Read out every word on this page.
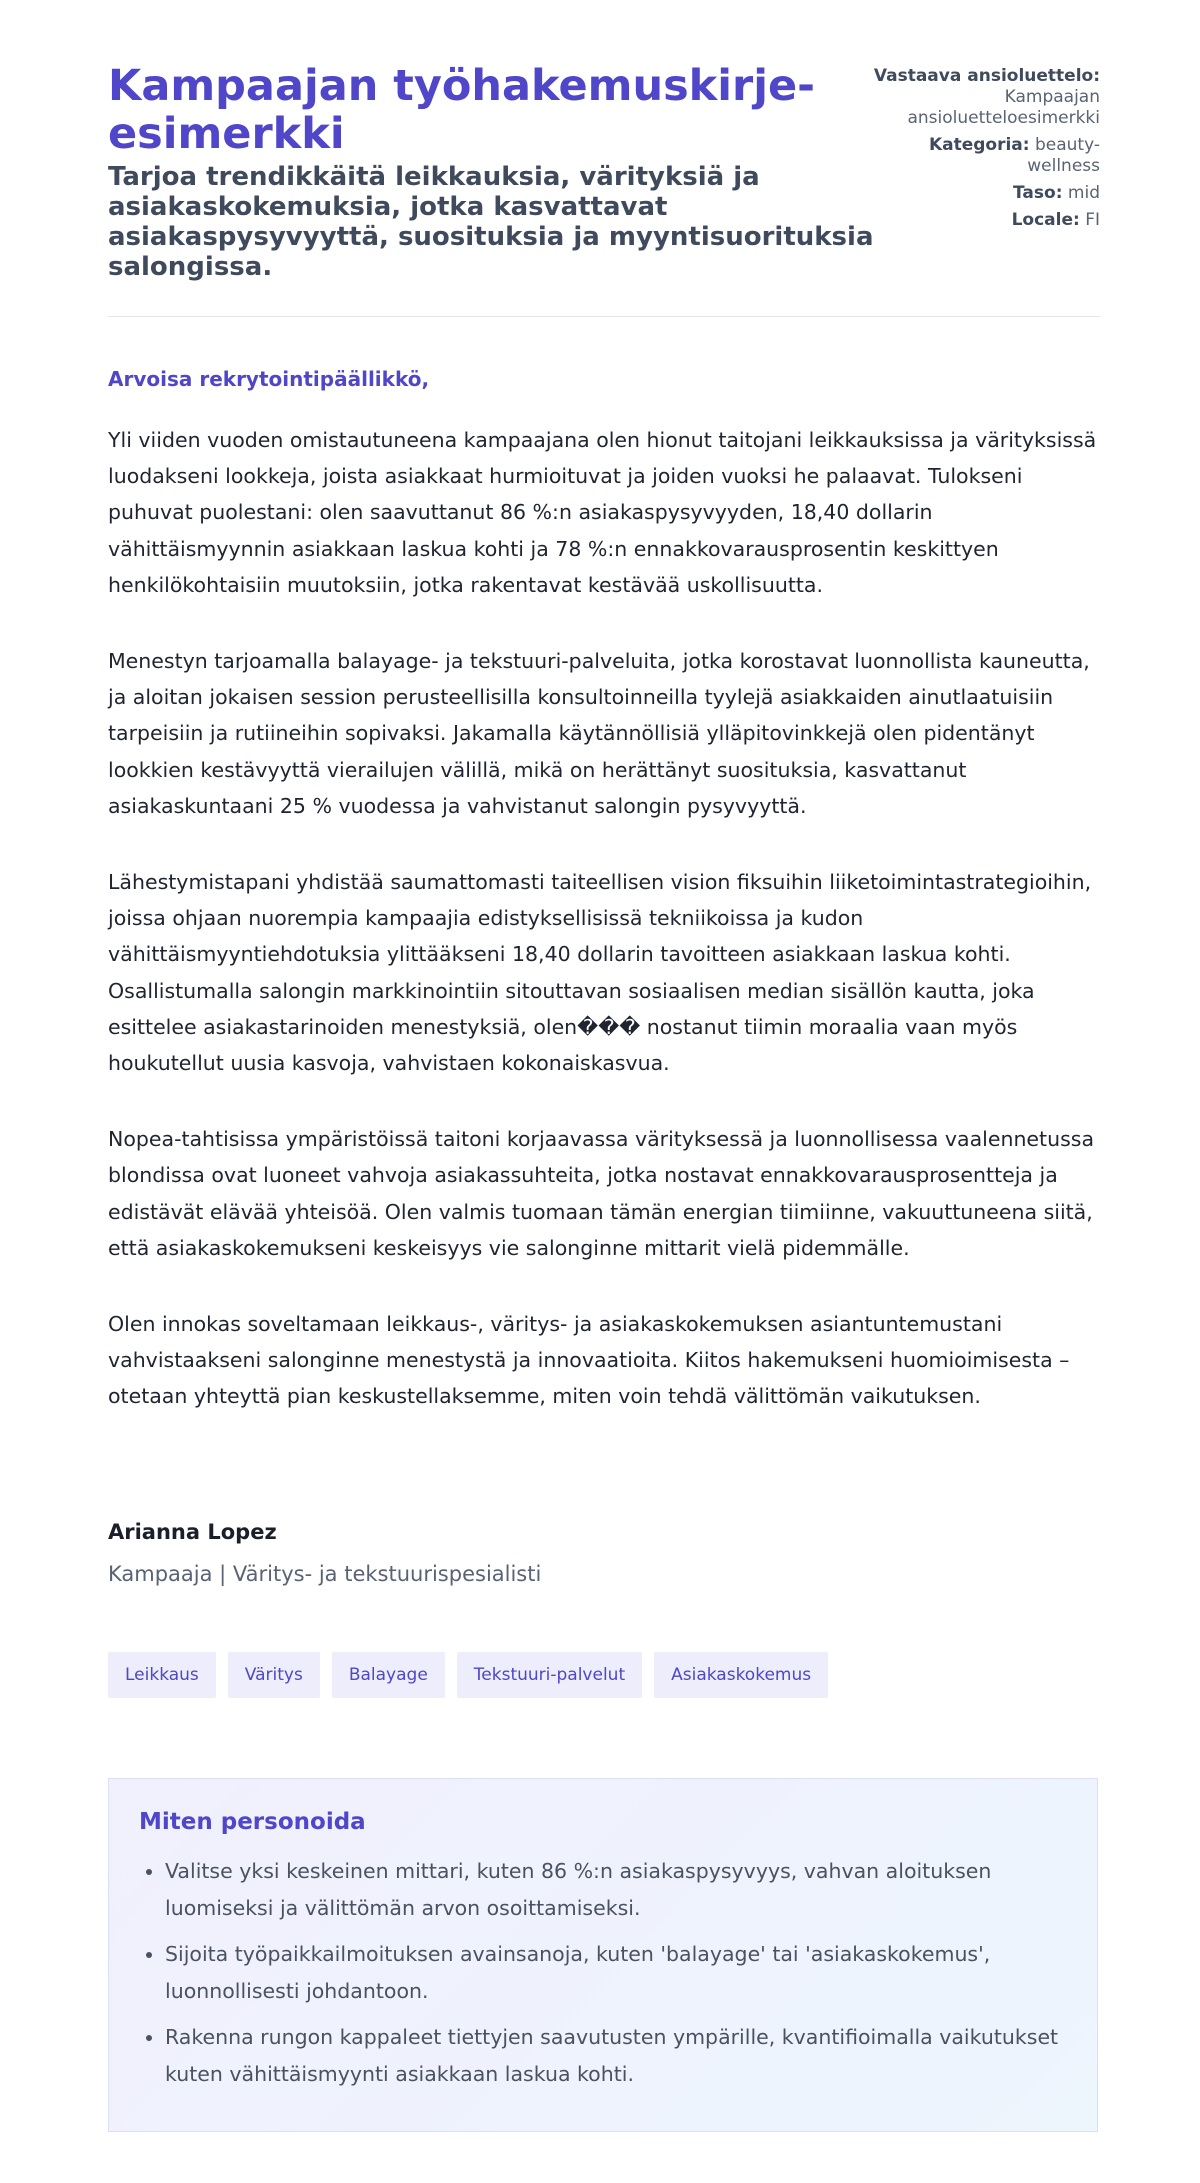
Kampaajan työhakemuskirje-esimerkki
Tarjoa trendikkäitä leikkauksia, värityksiä ja asiakaskokemuksia, jotka kasvattavat asiakaspysyvyyttä, suosituksia ja myyntisuorituksia salongissa.
Vastaava ansioluettelo: Kampaajan ansioluetteloesimerkki
Kategoria: beauty-wellness
Taso: mid
Locale: FI

Arvoisa rekrytointipäällikkö,

Yli viiden vuoden omistautuneena kampaajana olen hionut taitojani leikkauksissa ja värityksissä luodakseni lookkeja, joista asiakkaat hurmioituvat ja joiden vuoksi he palaavat. Tulokseni puhuvat puolestani: olen saavuttanut 86 %:n asiakaspysyvyyden, 18,40 dollarin vähittäismyynnin asiakkaan laskua kohti ja 78 %:n ennakkovarausprosentin keskittyen henkilökohtaisiin muutoksiin, jotka rakentavat kestävää uskollisuutta.

Menestyn tarjoamalla balayage- ja tekstuuri-palveluita, jotka korostavat luonnollista kauneutta, ja aloitan jokaisen session perusteellisilla konsultoinneilla tyylejä asiakkaiden ainutlaatuisiin tarpeisiin ja rutiineihin sopivaksi. Jakamalla käytännöllisiä ylläpitovinkkejä olen pidentänyt lookkien kestävyyttä vierailujen välillä, mikä on herättänyt suosituksia, kasvattanut asiakaskuntaani 25 % vuodessa ja vahvistanut salongin pysyvyyttä.

Lähestymistapani yhdistää saumattomasti taiteellisen vision fiksuihin liiketoimintastrategioihin, joissa ohjaan nuorempia kampaajia edistyksellisissä tekniikoissa ja kudon vähittäismyyntiehdotuksia ylittääkseni 18,40 dollarin tavoitteen asiakkaan laskua kohti. Osallistumalla salongin markkinointiin sitouttavan sosiaalisen median sisällön kautta, joka esittelee asiakastarinoiden menestyksiä, olen��� nostanut tiimin moraalia vaan myös houkutellut uusia kasvoja, vahvistaen kokonaiskasvua.

Nopea-tahtisissa ympäristöissä taitoni korjaavassa värityksessä ja luonnollisessa vaalennetussa blondissa ovat luoneet vahvoja asiakassuhteita, jotka nostavat ennakkovarausprosentteja ja edistävät elävää yhteisöä. Olen valmis tuomaan tämän energian tiimiinne, vakuuttuneena siitä, että asiakaskokemukseni keskeisyys vie salonginne mittarit vielä pidemmälle.

Olen innokas soveltamaan leikkaus-, väritys- ja asiakaskokemuksen asiantuntemustani vahvistaakseni salonginne menestystä ja innovaatioita. Kiitos hakemukseni huomioimisesta – otetaan yhteyttä pian keskustellaksemme, miten voin tehdä välittömän vaikutuksen.

Arianna Lopez

Kampaaja | Väritys- ja tekstuurispesialisti

Leikkaus	Väritys	Balayage	Tekstuuri-palvelut	Asiakaskokemus
Miten personoida
• Valitse yksi keskeinen mittari, kuten 86 %:n asiakaspysyvyys, vahvan aloituksen luomiseksi ja välittömän arvon osoittamiseksi.
• Sijoita työpaikkailmoituksen avainsanoja, kuten 'balayage' tai 'asiakaskokemus', luonnollisesti johdantoon.
• Rakenna rungon kappaleet tiettyjen saavutusten ympärille, kvantifioimalla vaikutukset kuten vähittäismyynti asiakkaan laskua kohti.
